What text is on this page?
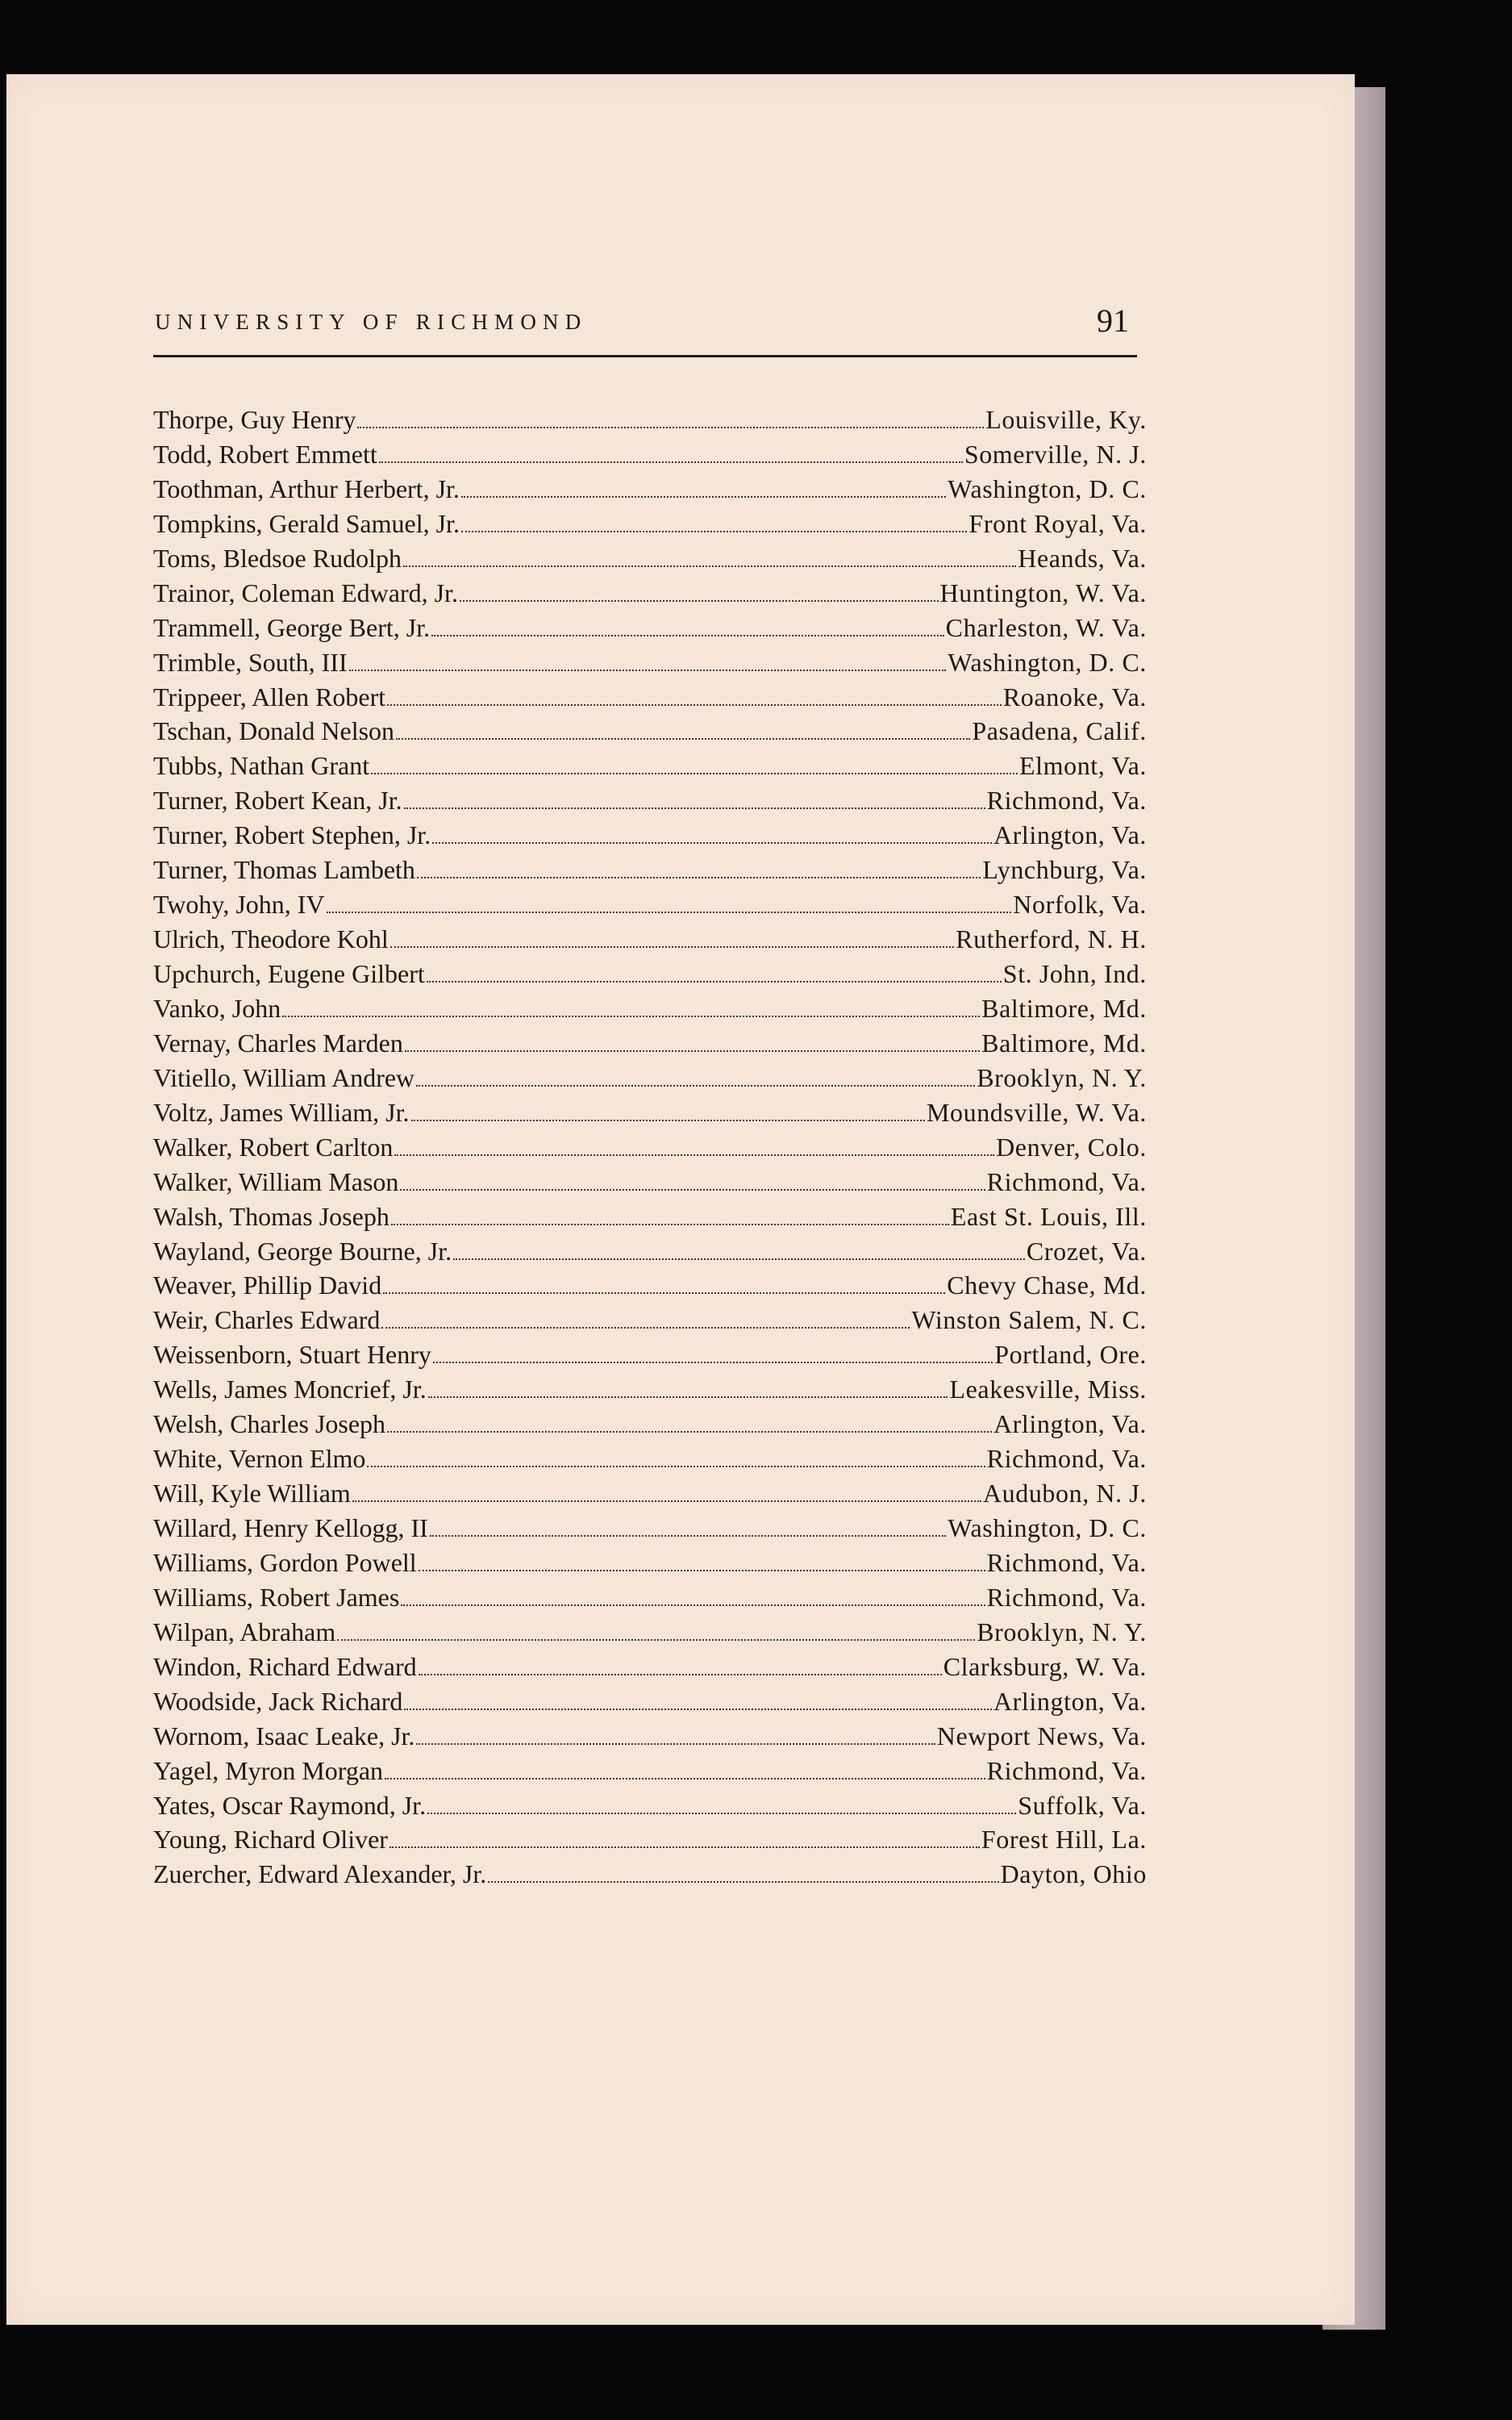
UNIVERSITY OF RICHMOND	91
Thorpe, Guy Henry	Louisville, Ky.
Todd, Robert Emmett	Somerville, N. J.
Toothman, Arthur Herbert, Jr.	Washington, D. C.
Tompkins, Gerald Samuel, Jr.	Front Royal, Va.
Toms, Bledsoe Rudolph	Heands, Va.
Trainor, Coleman Edward, Jr.	Huntington, W. Va.
Trammell, George Bert, Jr.	Charleston, W. Va.
Trimble, South, III	Washington, D. C.
Trippeer, Allen Robert	Roanoke, Va.
Tschan, Donald Nelson	Pasadena, Calif.
Tubbs, Nathan Grant	Elmont, Va.
Turner, Robert Kean, Jr.	Richmond, Va.
Turner, Robert Stephen, Jr.	Arlington, Va.
Turner, Thomas Lambeth	Lynchburg, Va.
Twohy, John, IV	Norfolk, Va.
Ulrich, Theodore Kohl	Rutherford, N. H.
Upchurch, Eugene Gilbert	St. John, Ind.
Vanko, John	Baltimore, Md.
Vernay, Charles Marden	Baltimore, Md.
Vitiello, William Andrew	Brooklyn, N. Y.
Voltz, James William, Jr.	Moundsville, W. Va.
Walker, Robert Carlton	Denver, Colo.
Walker, William Mason	Richmond, Va.
Walsh, Thomas Joseph	East St. Louis, Ill.
Wayland, George Bourne, Jr.	Crozet, Va.
Weaver, Phillip David	Chevy Chase, Md.
Weir, Charles Edward	Winston Salem, N. C.
Weissenborn, Stuart Henry	Portland, Ore.
Wells, James Moncrief, Jr.	Leakesville, Miss.
Welsh, Charles Joseph	Arlington, Va.
White, Vernon Elmo	Richmond, Va.
Will, Kyle William	Audubon, N. J.
Willard, Henry Kellogg, II	Washington, D. C.
Williams, Gordon Powell	Richmond, Va.
Williams, Robert James	Richmond, Va.
Wilpan, Abraham	Brooklyn, N. Y.
Windon, Richard Edward	Clarksburg, W. Va.
Woodside, Jack Richard	Arlington, Va.
Wornom, Isaac Leake, Jr.	Newport News, Va.
Yagel, Myron Morgan	Richmond, Va.
Yates, Oscar Raymond, Jr.	Suffolk, Va.
Young, Richard Oliver	Forest Hill, La.
Zuercher, Edward Alexander, Jr.	Dayton, Ohio
